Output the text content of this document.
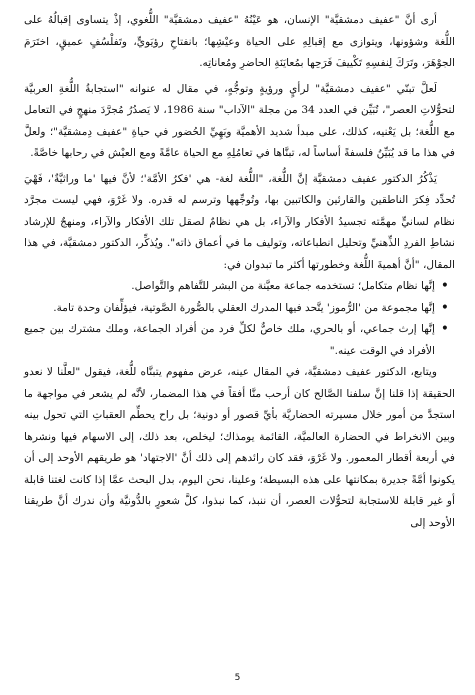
أرى أنَّ "عفيف دمشقيَّة" الإنسان، هو عَيْنُهُ "عفيف دمشقيَّة" اللُّغوي، إذْ يتساوى إقبالُهُ على اللُّغة وشؤونها، ويتوازى مع إقبالِهِ على الحياة وعيْشِها؛ بانفتاحِ رؤيَويٍّ، وتَفلْسُفٍ عميقٍ، اختَرَمَ الجوْهَرَ، وتَرَكَ لِنفسِهِ تَكْييفَ فَرَحِها بمُعايَنَةِ الحاضرِ ومُعاناتِه.

لَعلَّ تبنّي "عفيف دمشقيَّة" لرأيٍ ورؤيةٍ وتوجُّهٍ، في مقال له عنوانه "استجابةُ اللُّغةِ العربيَّة لتحوُّلاتِ العصر"، تُبَيِّن في العدد 34 من مجلة "الآداب" سنة 1986، لا يَصدُرُ مُجرَّدَ منهجٍ في التعامل مع اللُّغة؛ بل يَعْنيه، كذلك، على مبدأ شديد الأهميَّة وبَهِيِّ الحُضور في حياةِ "عفيف دِمشقيَّة"؛ ولعلَّ في هذا ما قد يُبَيِّنُ فلسفةً أساساً له، تبنَّاها في تعامُلِهِ مع الحياة عامَّةً ومع العيْش في رحابها خاصَّةً.

يَذْكُرُ الدكتور عفيف دمشقيَّة إنَّ اللُّغة، "اللُّغة لغة- هي 'فكرُ الأمَّة'؛ لأنَّ فيها 'ما وراثيَّةٌ'، فَهْيَ تُحدِّد فِكرَ الناطقين والقارئين والكاتبين بها، وتُوجِّهها وترسم له قدره. ولا غَرْوَ، فهي ليست مجرَّد نظام لسانيٍّ مهمَّته تجسيدُ الأفكار والآراء، بل هي نظامٌ لصقل تلك الأفكار والآراء، ومنهجٌ للإرشاد نشاطِ الفردِ الذِّهنيِّ وتحليل انطباعاته، وتوليف ما في أعماق ذاته". ويُذكِّر، الدكتور دمشقيَّة، في هذا المقال، "أنَّ أهميةَ اللُّغة وخطورتها أكثر ما تبدوان في:

• إنَّها نظام متكامل؛ تستخدمه جماعة معيَّنة من البشر للتَّفاهم والتَّواصل.
• إنَّها مجموعة من 'الرُّموز' يتَّحد فيها المدرك العقلي بالصُّورة الصَّوتية، فيؤلِّفان وحدة تامة.
• إنَّها إرث جماعي، أو بالحري، ملك خاصٌّ لكلِّ فرد من أفراد الجماعة، وملك مشترك بين جميع الأفراد في الوقت عينه."

ويتابع، الدكتور عفيف دمشقيَّة، في المقال عينه، عرض مفهوم يتبنَّاه للُّغة، فيقول "لعلَّنا لا نعدو الحقيقة إذا قلنا إنَّ سلفنا الصَّالح كان أرحب منَّا أفقاً في هذا المضمار، لأنَّه لم يشعر في مواجهة ما استجدَّ من أمور خلال مسيرته الحضاريَّة بأيِّ قصور أو دونية؛ بل راح يحطِّم العقباتِ التي تحول بينه وبين الانخراط في الحضارة العالميَّة، القائمة يومذاك؛ ليخلص، بعد ذلك، إلى الاسهام فيها ونشرها في أربعة أقطار المعمور. ولا غَرْوَ، فقد كان رائدهم إلى ذلك أنَّ 'الاجتهاد' هو طريقهم الأوحد إلى أن يكونوا أمَّةً جديرة بمكانتها على هذه البسيطة؛ وعلينا، نحن اليوم، بدل البحث عمَّا إذا كانت لغتنا قابلة أو غير قابلة للاستجابة لتحوُّلات العصر، أن ننبذ، كما نبذوا، كلَّ شعورٍ بالدُّونيَّة وأن ندرك أنَّ طريقنا الأوحد إلى

5
